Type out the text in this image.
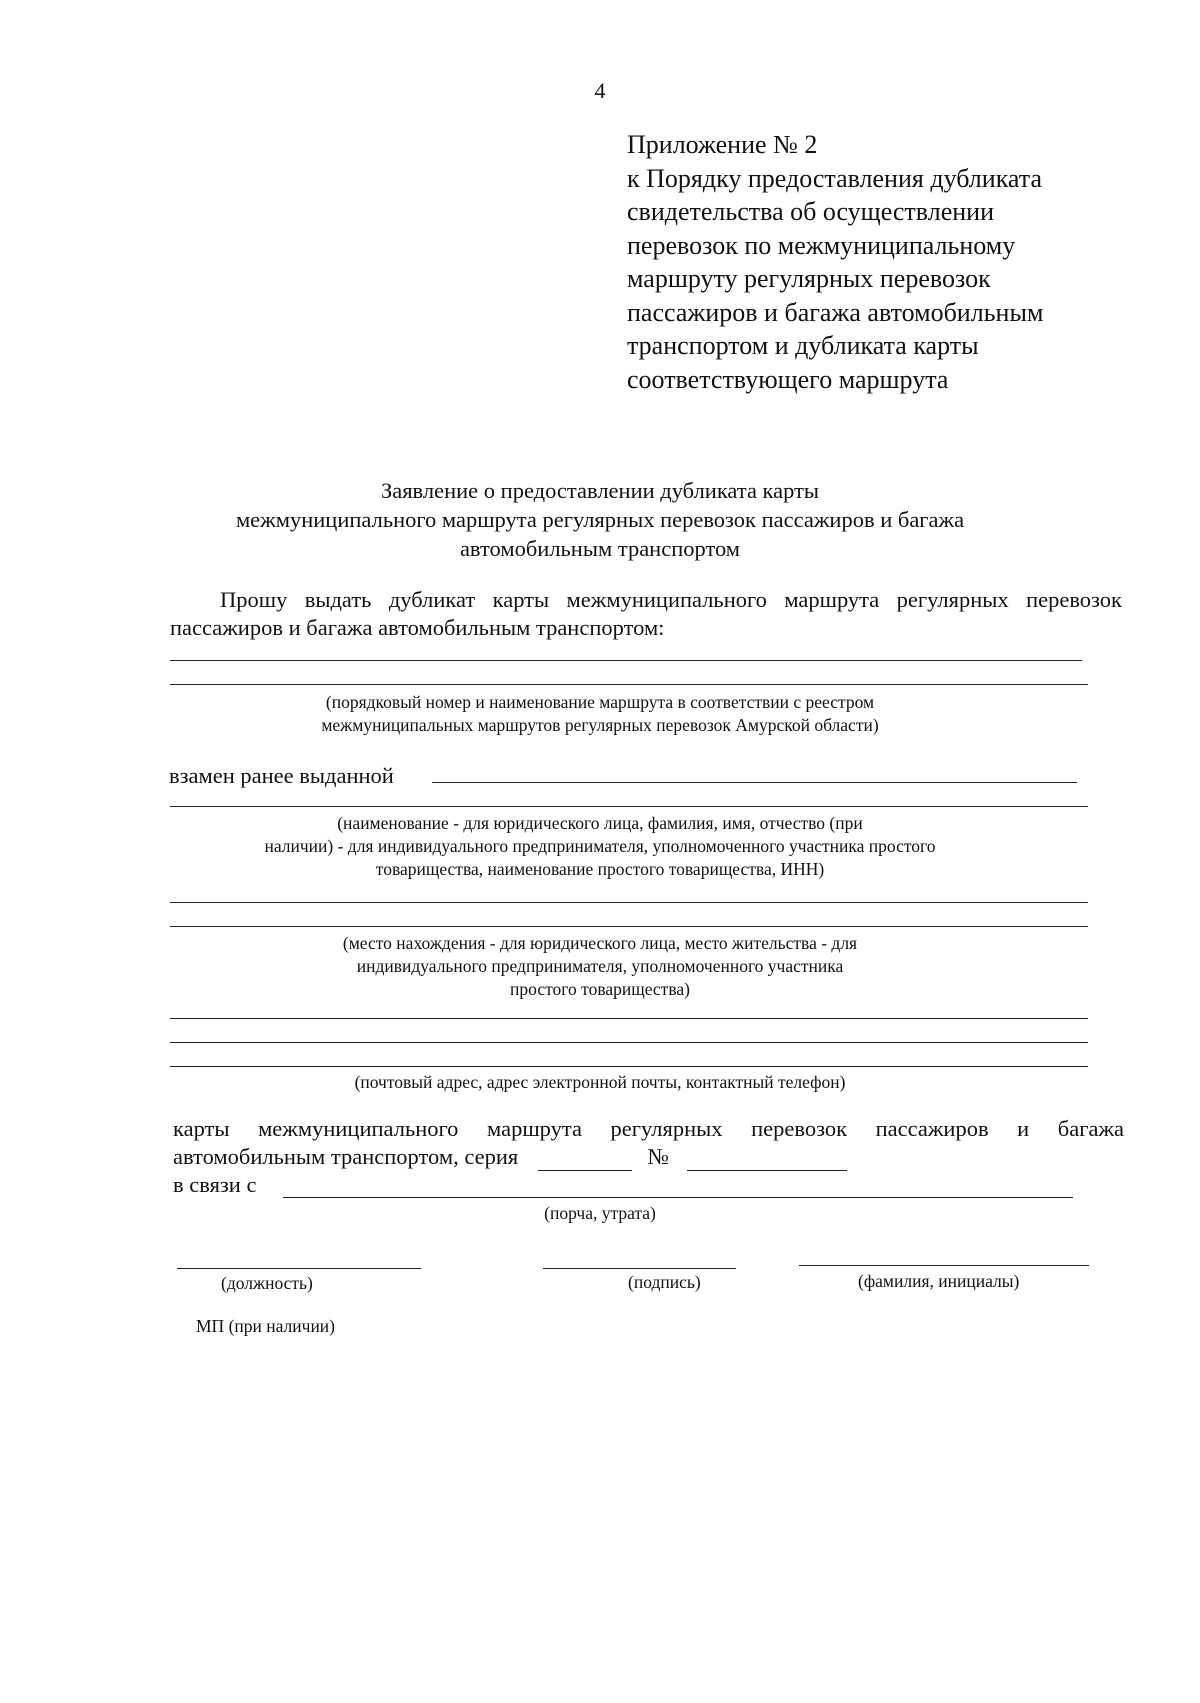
4
Приложение № 2
к Порядку предоставления дубликата
свидетельства об осуществлении
перевозок по межмуниципальному
маршруту регулярных перевозок
пассажиров и багажа автомобильным
транспортом и дубликата карты
соответствующего маршрута
Заявление о предоставлении дубликата карты
межмуниципального маршрута регулярных перевозок пассажиров и багажа
автомобильным транспортом
Прошу выдать дубликат карты межмуниципального маршрута регулярных перевозок
пассажиров и багажа автомобильным транспортом:
(порядковый номер и наименование маршрута в соответствии с реестром
межмуниципальных маршрутов регулярных перевозок Амурской области)
взамен ранее выданной
(наименование - для юридического лица, фамилия, имя, отчество (при
наличии) - для индивидуального предпринимателя, уполномоченного участника простого
товарищества, наименование простого товарищества, ИНН)
(место нахождения - для юридического лица, место жительства - для
индивидуального предпринимателя, уполномоченного участника
простого товарищества)
(почтовый адрес, адрес электронной почты, контактный телефон)
карты межмуниципального маршрута регулярных перевозок пассажиров и багажа
автомобильным транспортом, серия	№
в связи с
(порча, утрата)
(должность)	(подпись)	(фамилия, инициалы)
МП (при наличии)
